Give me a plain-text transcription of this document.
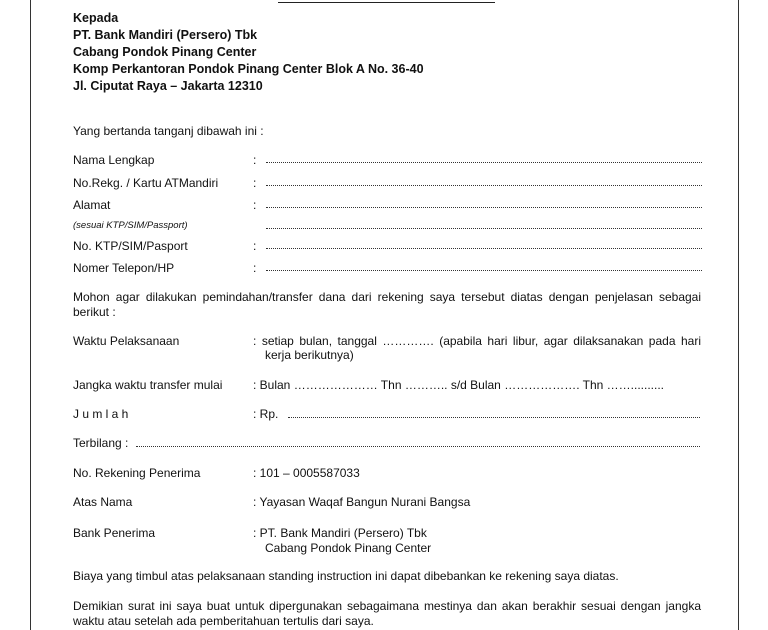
Kepada
PT. Bank Mandiri (Persero) Tbk
Cabang Pondok Pinang Center
Komp Perkantoran Pondok Pinang Center Blok A No. 36-40
Jl. Ciputat Raya – Jakarta 12310
Yang bertanda tanganj dibawah ini :
Nama Lengkap	:
No.Rekg. / Kartu ATMandiri	:
Alamat	:
(sesuai KTP/SIM/Passport)
No. KTP/SIM/Pasport	:
Nomer Telepon/HP	:
Mohon agar dilakukan pemindahan/transfer dana dari rekening saya tersebut diatas dengan penjelasan sebagai berikut :
Waktu Pelaksanaan	: setiap bulan, tanggal …………. (apabila hari libur, agar dilaksanakan pada hari kerja berikutnya)
Jangka waktu transfer mulai	: Bulan ………………… Thn ……….. s/d Bulan ………………. Thn ……..........
J u m l a h	: Rp.
Terbilang :
No. Rekening Penerima	: 101 – 0005587033
Atas Nama	: Yayasan Waqaf Bangun Nurani Bangsa
Bank Penerima	: PT. Bank Mandiri (Persero) Tbk
Cabang Pondok Pinang Center
Biaya yang timbul atas pelaksanaan standing instruction ini dapat dibebankan ke rekening saya diatas.
Demikian surat ini saya buat untuk dipergunakan sebagaimana mestinya dan akan berakhir sesuai dengan jangka waktu atau setelah ada pemberitahuan tertulis dari saya.
